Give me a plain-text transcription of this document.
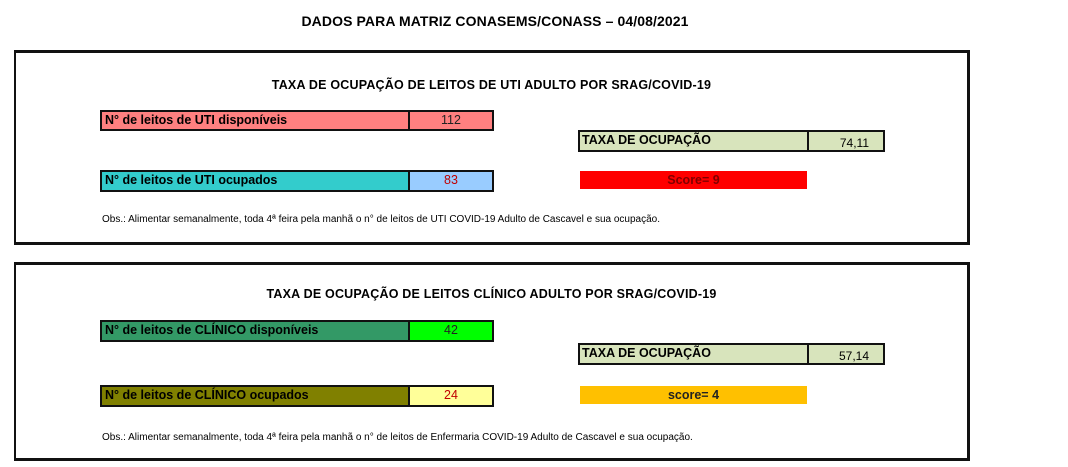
DADOS PARA MATRIZ CONASEMS/CONASS – 04/08/2021
TAXA DE OCUPAÇÃO DE LEITOS DE UTI ADULTO POR SRAG/COVID-19
N° de leitos de UTI disponíveis	112
N° de leitos de UTI ocupados	83
TAXA DE OCUPAÇÃO	74,11
Score= 9
Obs.: Alimentar semanalmente, toda 4ª feira pela manhã o n° de leitos de UTI COVID-19 Adulto de Cascavel e sua ocupação.
TAXA DE OCUPAÇÃO DE LEITOS CLÍNICO ADULTO POR SRAG/COVID-19
N° de leitos de CLÍNICO disponíveis	42
N° de leitos de CLÍNICO ocupados	24
TAXA DE OCUPAÇÃO	57,14
score= 4
Obs.: Alimentar semanalmente, toda 4ª feira pela manhã o n° de leitos de Enfermaria COVID-19 Adulto de Cascavel e sua ocupação.
